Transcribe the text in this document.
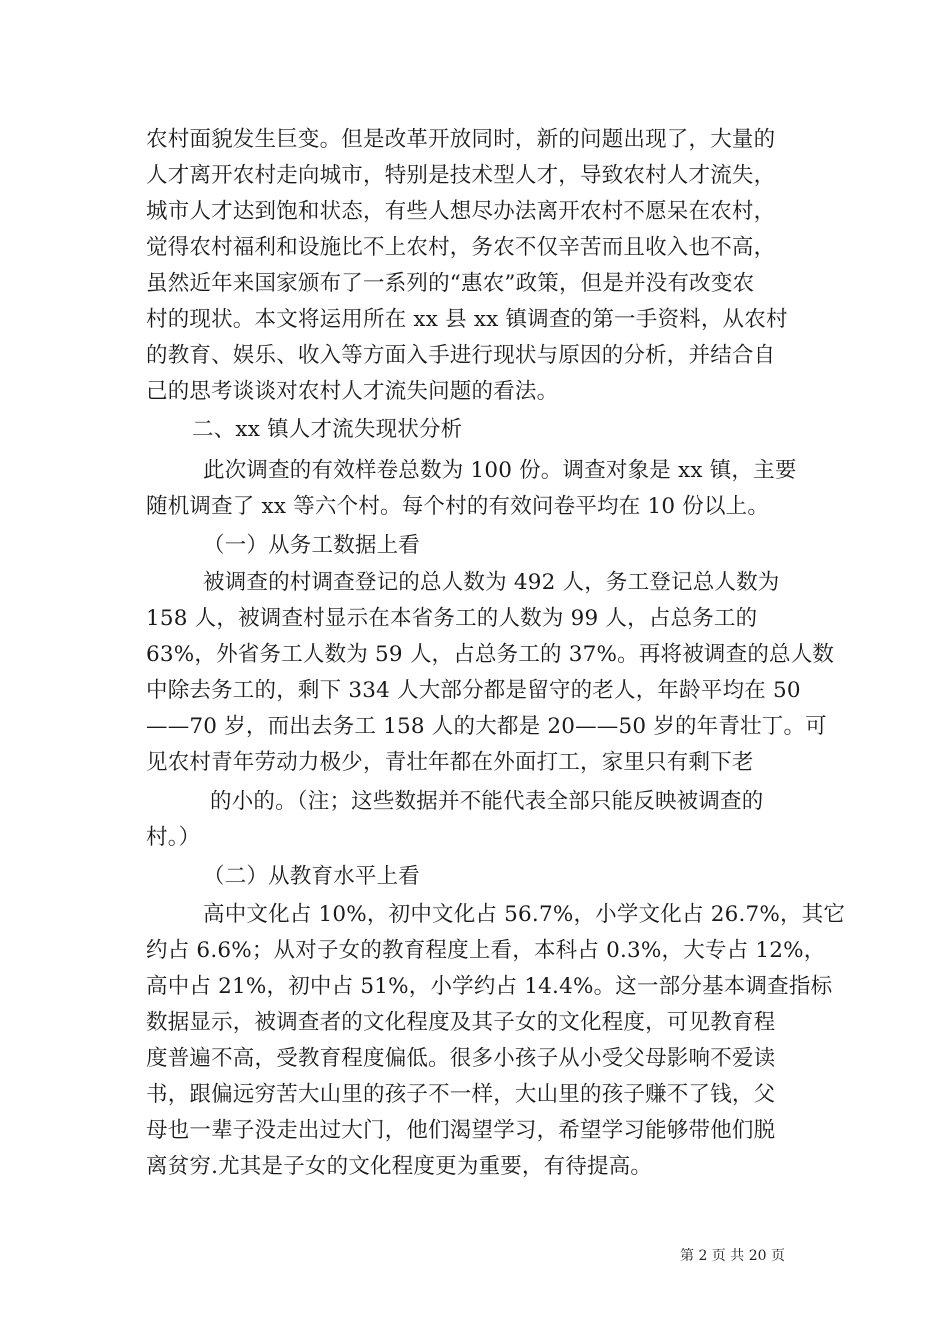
农村面貌发生巨变。但是改革开放同时，新的问题出现了，大量的
人才离开农村走向城市，特别是技术型人才，导致农村人才流失，
城市人才达到饱和状态，有些人想尽办法离开农村不愿呆在农村，
觉得农村福利和设施比不上农村，务农不仅辛苦而且收入也不高，
虽然近年来国家颁布了一系列的“惠农”政策，但是并没有改变农
村的现状。本文将运用所在 xx 县 xx 镇调查的第一手资料，从农村
的教育、娱乐、收入等方面入手进行现状与原因的分析，并结合自
己的思考谈谈对农村人才流失问题的看法。
二、xx 镇人才流失现状分析
此次调查的有效样卷总数为 100 份。调查对象是 xx 镇，主要
随机调查了 xx 等六个村。每个村的有效问卷平均在 10 份以上。
（一）从务工数据上看
被调查的村调查登记的总人数为 492 人，务工登记总人数为
158 人，被调查村显示在本省务工的人数为 99 人，占总务工的
63%，外省务工人数为 59 人，占总务工的 37%。再将被调查的总人数
中除去务工的，剩下 334 人大部分都是留守的老人，年龄平均在 50
——70 岁，而出去务工 158 人的大都是 20——50 岁的年青壮丁。可
见农村青年劳动力极少，青壮年都在外面打工，家里只有剩下老
的小的。（注；这些数据并不能代表全部只能反映被调查的
村。）
（二）从教育水平上看
高中文化占 10%，初中文化占 56.7%，小学文化占 26.7%，其它
约占 6.6%；从对子女的教育程度上看，本科占 0.3%，大专占 12%，
高中占 21%，初中占 51%，小学约占 14.4%。这一部分基本调查指标
数据显示，被调查者的文化程度及其子女的文化程度，可见教育程
度普遍不高，受教育程度偏低。很多小孩子从小受父母影响不爱读
书，跟偏远穷苦大山里的孩子不一样，大山里的孩子赚不了钱，父
母也一辈子没走出过大门，他们渴望学习，希望学习能够带他们脱
离贫穷.尤其是子女的文化程度更为重要，有待提高。
第 2 页 共 20 页
